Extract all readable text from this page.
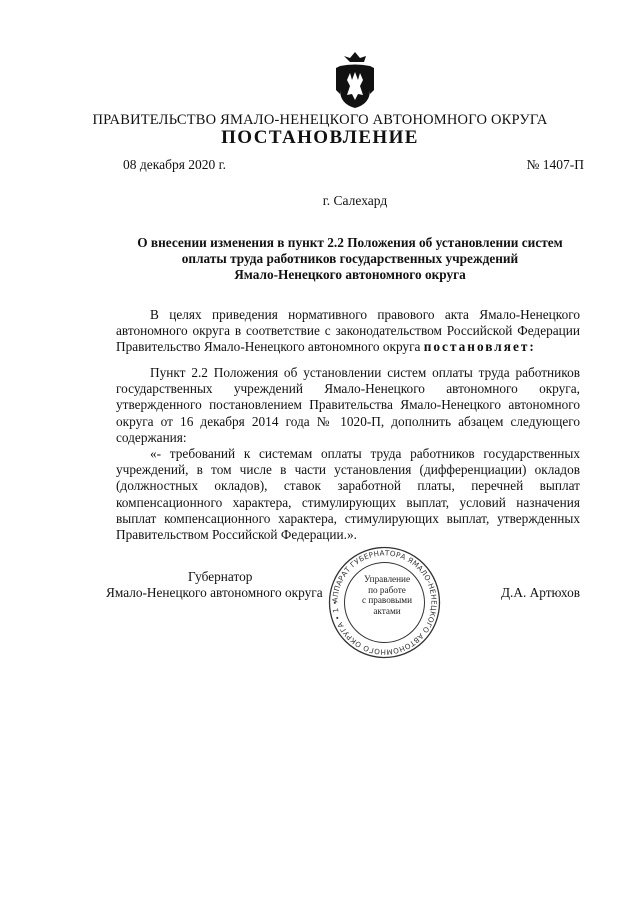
ПРАВИТЕЛЬСТВО ЯМАЛО-НЕНЕЦКОГО АВТОНОМНОГО ОКРУГА
ПОСТАНОВЛЕНИЕ
08 декабря 2020 г.	№ 1407-П
г. Салехард
О внесении изменения в пункт 2.2 Положения об установлении систем
оплаты труда работников государственных учреждений
Ямало-Ненецкого автономного округа
В целях приведения нормативного правового акта Ямало-Ненецкого автономного округа в соответствие с законодательством Российской Федерации Правительство Ямало-Ненецкого автономного округа постановляет:
Пункт 2.2 Положения об установлении систем оплаты труда работников государственных учреждений Ямало-Ненецкого автономного округа, утвержденного постановлением Правительства Ямало-Ненецкого автономного округа от 16 декабря 2014 года № 1020-П, дополнить абзацем следующего содержания:
«- требований к системам оплаты труда работников государственных учреждений, в том числе в части установления (дифференциации) окладов (должностных окладов), ставок заработной платы, перечней выплат компенсационного характера, стимулирующих выплат, условий назначения выплат компенсационного характера, стимулирующих выплат, утвержденных Правительством Российской Федерации.».
Губернатор
Ямало-Ненецкого автономного округа	Д.А. Артюхов
АППАРАТ ГУБЕРНАТОРА ЯМАЛО-НЕНЕЦКОГО АВТОНОМНОГО ОКРУГА • 1 •
Управление
по работе
с правовыми
актами
